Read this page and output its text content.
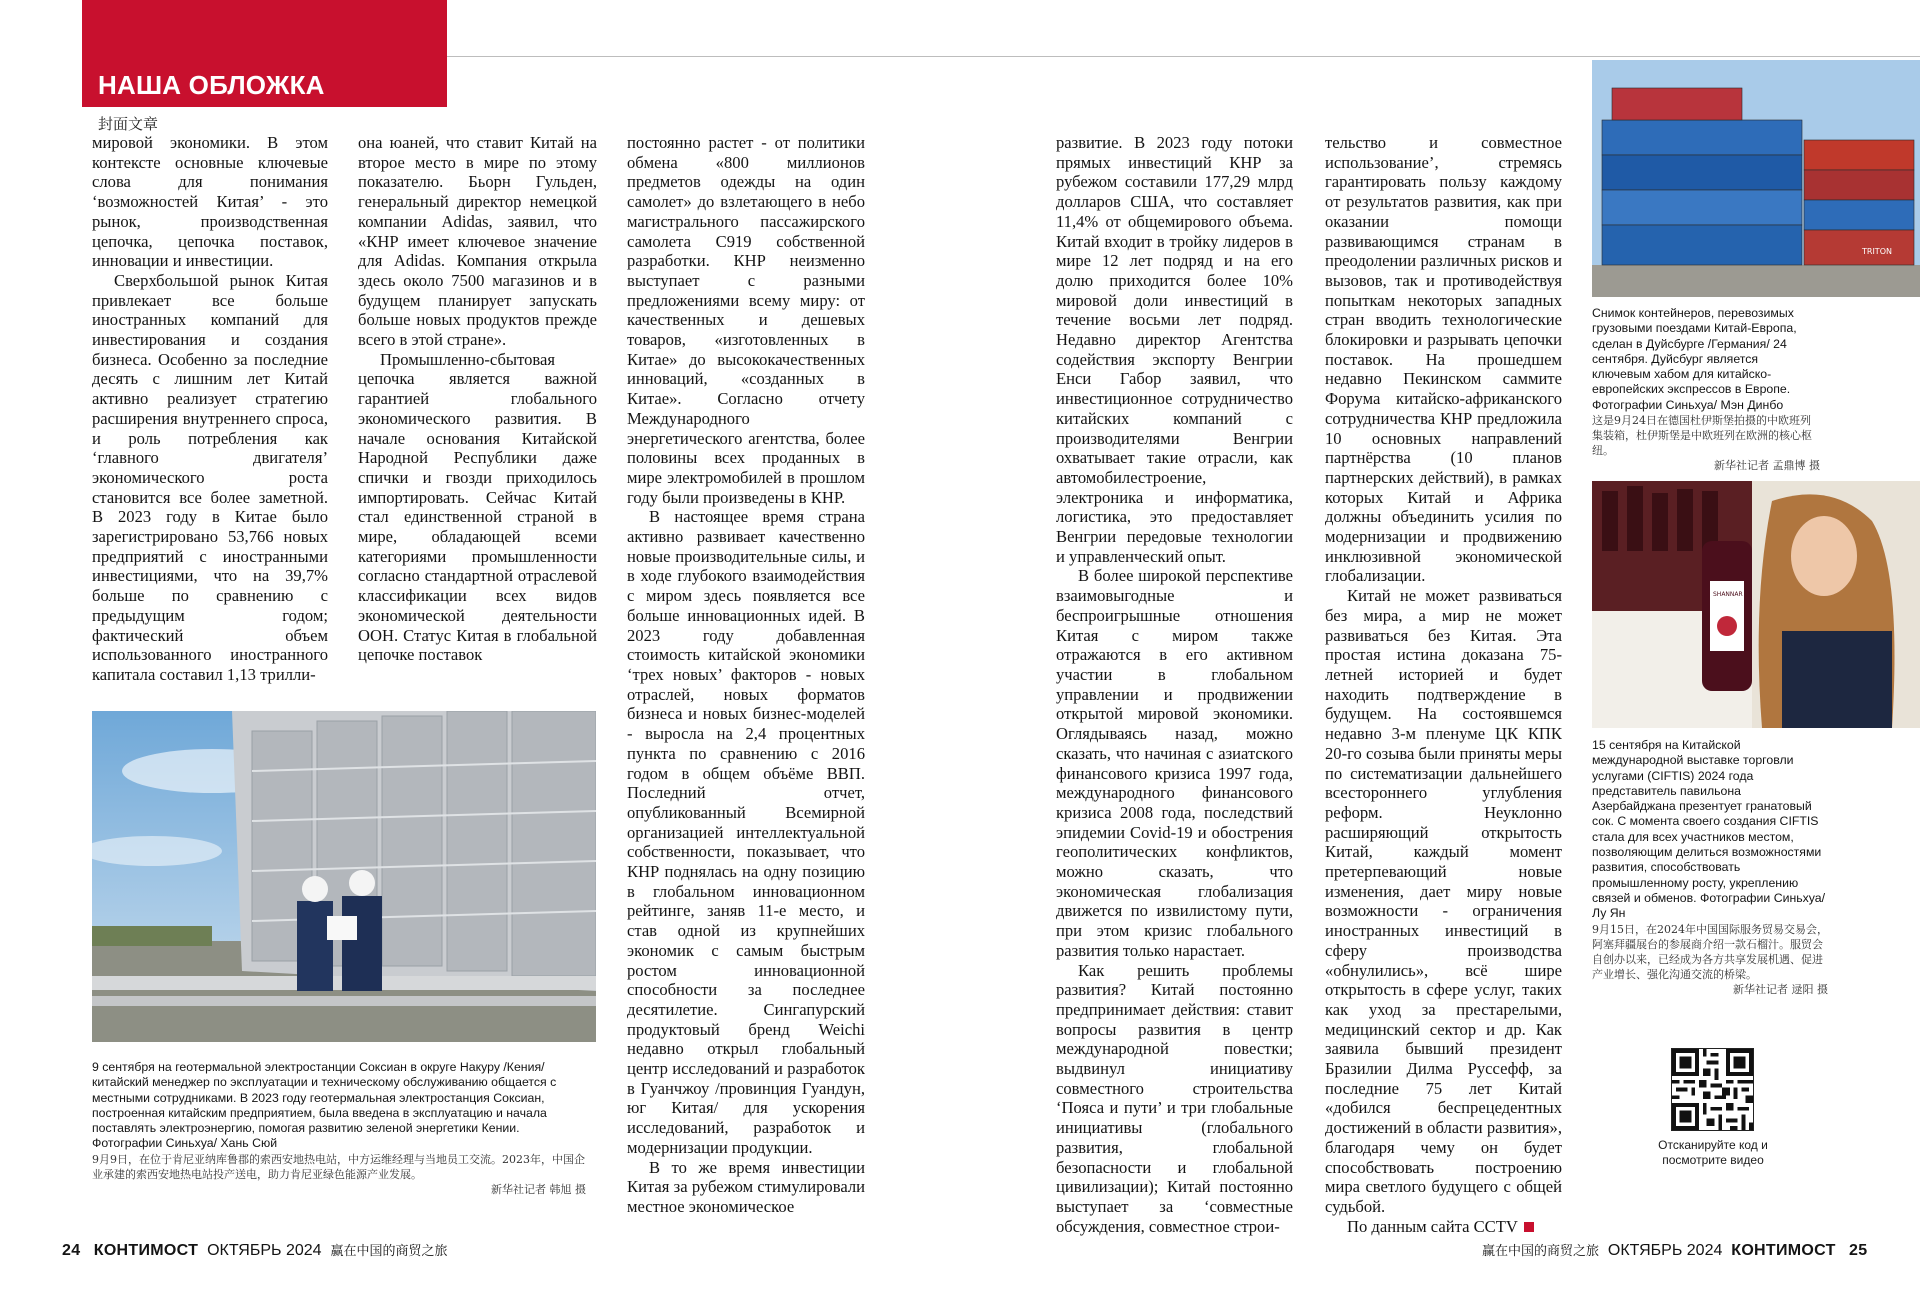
НАША ОБЛОЖКА
封面文章

мировой экономики. В этом контексте основные ключевые слова для понимания ‘возможностей Китая’ - это рынок, производственная цепочка, цепочка поставок, инновации и инвестиции.

Сверхбольшой рынок Китая привлекает все больше иностранных компаний для инвестирования и создания бизнеса. Особенно за последние десять с лишним лет Китай активно реализует стратегию расширения внутреннего спроса, и роль потребления как ‘главного двигателя’ экономического роста становится все более заметной. В 2023 году в Китае было зарегистрировано 53,766 новых предприятий с иностранными инвестициями, что на 39,7% больше по сравнению с предыдущим годом; фактический объем использованного иностранного капитала составил 1,13 трилли-

она юаней, что ставит Китай на второе место в мире по этому показателю. Бьорн Гульден, генеральный директор немецкой компании Adidas, заявил, что «КНР имеет ключевое значение для Adidas. Компания открыла здесь около 7500 магазинов и в будущем планирует запускать больше новых продуктов прежде всего в этой стране».

Промышленно-сбытовая цепочка является важной гарантией глобального экономического развития. В начале основания Китайской Народной Республики даже спички и гвозди приходилось импортировать. Сейчас Китай стал единственной страной в мире, обладающей всеми категориями промышленности согласно стандартной отраслевой классификации всех видов экономической деятельности ООН. Статус Китая в глобальной цепочке поставок

постоянно растет - от политики обмена «800 миллионов предметов одежды на один самолет» до взлетающего в небо магистрального пассажирского самолета С919 собственной разработки. КНР неизменно выступает с разными предложениями всему миру: от качественных и дешевых товаров, «изготовленных в Китае» до высококачественных инноваций, «созданных в Китае». Согласно отчету Международного энергетического агентства, более половины всех проданных в мире электромобилей в прошлом году были произведены в КНР.

В настоящее время страна активно развивает качественно новые производительные силы, и в ходе глубокого взаимодействия с миром здесь появляется все больше инновационных идей. В 2023 году добавленная стоимость китайской экономики ‘трех новых’ факторов - новых отраслей, новых форматов бизнеса и новых бизнес-моделей - выросла на 2,4 процентных пункта по сравнению с 2016 годом в общем объёме ВВП. Последний отчет, опубликованный Всемирной организацией интеллектуальной собственности, показывает, что КНР поднялась на одну позицию в глобальном инновационном рейтинге, заняв 11-е место, и став одной из крупнейших экономик с самым быстрым ростом инновационной способности за последнее десятилетие. Сингапурский продуктовый бренд Weichi недавно открыл глобальный центр исследований и разработок в Гуанчжоу /провинция Гуандун, юг Китая/ для ускорения исследований, разработок и модернизации продукции.

В то же время инвестиции Китая за рубежом стимулировали местное экономическое

развитие. В 2023 году потоки прямых инвестиций КНР за рубежом составили 177,29 млрд долларов США, что составляет 11,4% от общемирового объема. Китай входит в тройку лидеров в мире 12 лет подряд и на его долю приходится более 10% мировой доли инвестиций в течение восьми лет подряд. Недавно директор Агентства содействия экспорту Венгрии Енси Габор заявил, что инвестиционное сотрудничество китайских компаний с производителями Венгрии охватывает такие отрасли, как автомобилестроение, электроника и информатика, логистика, это предоставляет Венгрии передовые технологии и управленческий опыт.

В более широкой перспективе взаимовыгодные и беспроигрышные отношения Китая с миром также отражаются в его активном участии в глобальном управлении и продвижении открытой мировой экономики. Оглядываясь назад, можно сказать, что начиная с азиатского финансового кризиса 1997 года, международного финансового кризиса 2008 года, последствий эпидемии Covid-19 и обострения геополитических конфликтов, можно сказать, что экономическая глобализация движется по извилистому пути, при этом кризис глобального развития только нарастает.

Как решить проблемы развития? Китай постоянно предпринимает действия: ставит вопросы развития в центр международной повестки; выдвинул инициативу совместного строительства ‘Пояса и пути’ и три глобальные инициативы (глобального развития, глобальной безопасности и глобальной цивилизации); Китай постоянно выступает за ‘совместные обсуждения, совместное строи-

тельство и совместное использование’, стремясь гарантировать пользу каждому от результатов развития, как при оказании помощи развивающимся странам в преодолении различных рисков и вызовов, так и противодействуя попыткам некоторых западных стран вводить технологические блокировки и разрывать цепочки поставок. На прошедшем недавно Пекинском саммите Форума китайско-африканского сотрудничества КНР предложила 10 основных направлений партнёрства (10 планов партнерских действий), в рамках которых Китай и Африка должны объединить усилия по модернизации и продвижению инклюзивной экономической глобализации.

Китай не может развиваться без мира, а мир не может развиваться без Китая. Эта простая истина доказана 75-летней историей и будет находить подтверждение в будущем. На состоявшемся недавно 3-м пленуме ЦК КПК 20-го созыва были приняты меры по систематизации дальнейшего всестороннего углубления реформ. Неуклонно расширяющий открытость Китай, каждый момент претерпевающий новые изменения, дает миру новые возможности - ограничения иностранных инвестиций в сферу производства «обнулились», всё шире открытость в сфере услуг, таких как уход за престарелыми, медицинский сектор и др. Как заявила бывший президент Бразилии Дилма Руссефф, за последние 75 лет Китай «добился беспрецедентных достижений в области развития», благодаря чему он будет способствовать построению мира светлого будущего с общей судьбой.

По данным сайта CCTV

9 сентября на геотермальной электростанции Соксиан в округе Накуру /Кения/ китайский менеджер по эксплуатации и техническому обслуживанию общается с местными сотрудниками. В 2023 году геотермальная электростанция Соксиан, построенная китайским предприятием, была введена в эксплуатацию и начала поставлять электроэнергию, помогая развитию зеленой энергетики Кении. Фотографии Синьхуа/ Хань Сюй
9月9日，在位于肯尼亚纳库鲁郡的索西安地热电站，中方运维经理与当地员工交流。2023年，中国企业承建的索西安地热电站投产送电，助力肯尼亚绿色能源产业发展。
新华社记者 韩旭 摄
TRITON
Снимок контейнеров, перевозимых грузовыми поездами Китай-Европа, сделан в Дуйсбурге /Германия/ 24 сентября. Дуйсбург является ключевым хабом для китайско-европейских экспрессов в Европе. Фотографии Синьхуа/ Мэн Динбо
这是9月24日在德国杜伊斯堡拍摄的中欧班列集装箱，杜伊斯堡是中欧班列在欧洲的核心枢纽。
新华社记者 孟鼎博 摄
SHANNAR
15 сентября на Китайской международной выставке торговли услугами (CIFTIS) 2024 года представитель павильона Азербайджана презентует гранатовый сок. С момента своего создания CIFTIS стала для всех участников местом, позволяющим делиться возможностями развития, способствовать промышленному росту, укреплению связей и обменов. Фотографии Синьхуа/ Лу Ян
9月15日，在2024年中国国际服务贸易交易会，阿塞拜疆展台的参展商介绍一款石榴汁。服贸会自创办以来，已经成为各方共享发展机遇、促进产业增长、强化沟通交流的桥梁。
新华社记者 逯阳 摄
Отсканируйте код и посмотрите видео
24 КОНТИМОСТ ОКТЯБРЬ 2024 赢在中国的商贸之旅	赢在中国的商贸之旅 ОКТЯБРЬ 2024 КОНТИМОСТ 25
